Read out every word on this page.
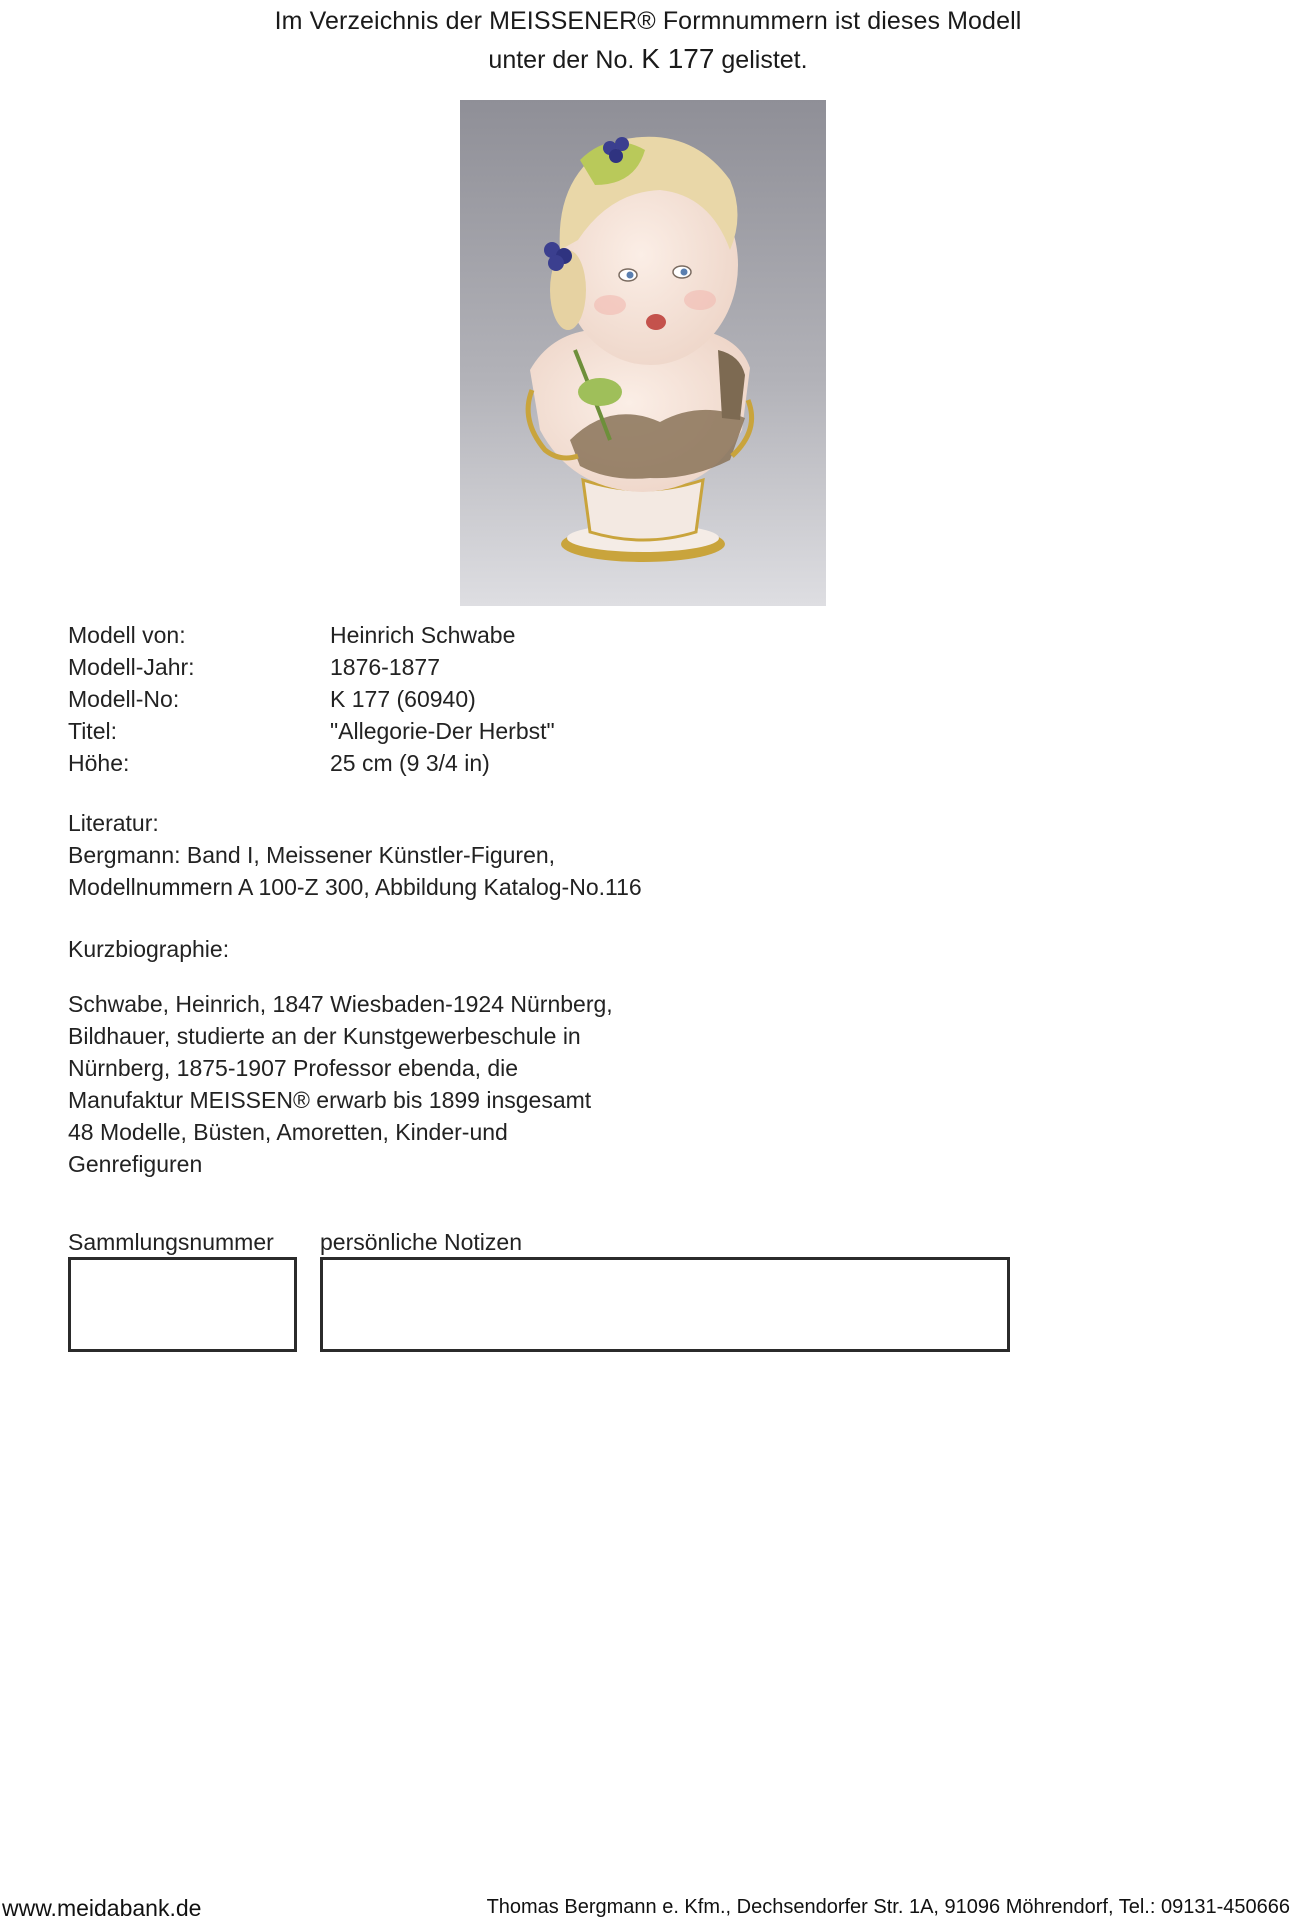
Im Verzeichnis der MEISSENER® Formnummern ist dieses Modell
unter der No. K 177 gelistet.
Modell von:	Heinrich Schwabe
Modell-Jahr:	1876-1877
Modell-No:	K 177 (60940)
Titel:	"Allegorie-Der Herbst"
Höhe:	25 cm (9 3/4 in)
Literatur:
Bergmann: Band I, Meissener Künstler-Figuren,
Modellnummern A 100-Z 300, Abbildung Katalog-No.116
Kurzbiographie:
Schwabe, Heinrich, 1847 Wiesbaden-1924 Nürnberg,
Bildhauer, studierte an der Kunstgewerbeschule in
Nürnberg, 1875-1907 Professor ebenda, die
Manufaktur MEISSEN® erwarb bis 1899 insgesamt
48 Modelle, Büsten, Amoretten, Kinder-und
Genrefiguren
Sammlungsnummer persönliche Notizen
www.meidabank.de	Thomas Bergmann e. Kfm., Dechsendorfer Str. 1A, 91096 Möhrendorf, Tel.: 09131-450666
